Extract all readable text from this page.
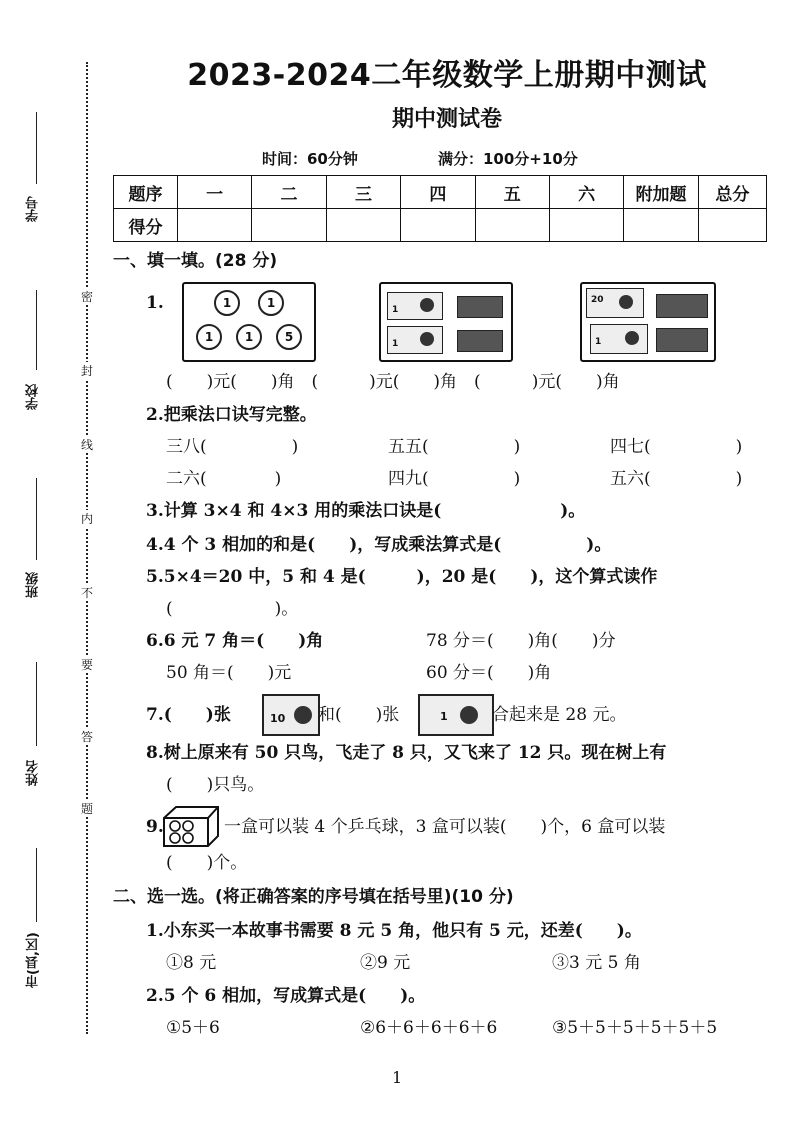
学号
学校
班级
姓名
市(县,区)
密
封
线
内
不
要
答
题
2023-2024二年级数学上册期中测试
期中测试卷
时间：60分钟	满分：100分+10分
题序	一	二	三	四	五	六	附加题	总分
得分								
一、填一填。(28 分)
1.	1	1
1	1	5
1
1
20
1
(　　)元(　　)角　(　　　)元(　　)角　(　　　)元(　　)角
2.把乘法口诀写完整。
三八(　　　　　)	五五(　　　　　)	四七(　　　　　)
二六(　　　　)	四九(　　　　　)	五六(　　　　　)
3.计算 3×4 和 4×3 用的乘法口诀是(　　　　　　　)。
4.4 个 3 相加的和是(　　)，写成乘法算式是(　　　　　)。
5.5×4＝20 中，5 和 4 是(　　　)，20 是(　　)，这个算式读作
(　　　　　　)。
6.6 元 7 角＝(　　)角	78 分＝(　　)角(　　)分
50 角＝(　　)元	60 分＝(　　)角
7.(　　)张	10 和(　　)张	1	合起来是 28 元。
8.树上原来有 50 只鸟，飞走了 8 只，又飞来了 12 只。现在树上有
(　　)只鸟。
9.	一盒可以装 4 个乒乓球，3 盒可以装(　　)个，6 盒可以装
(　　)个。
二、选一选。(将正确答案的序号填在括号里)(10 分)
1.小东买一本故事书需要 8 元 5 角，他只有 5 元，还差(　　)。
①8 元	②9 元	③3 元 5 角
2.5 个 6 相加，写成算式是(　　)。
①5＋6	②6＋6＋6＋6＋6	③5＋5＋5＋5＋5＋5
1
